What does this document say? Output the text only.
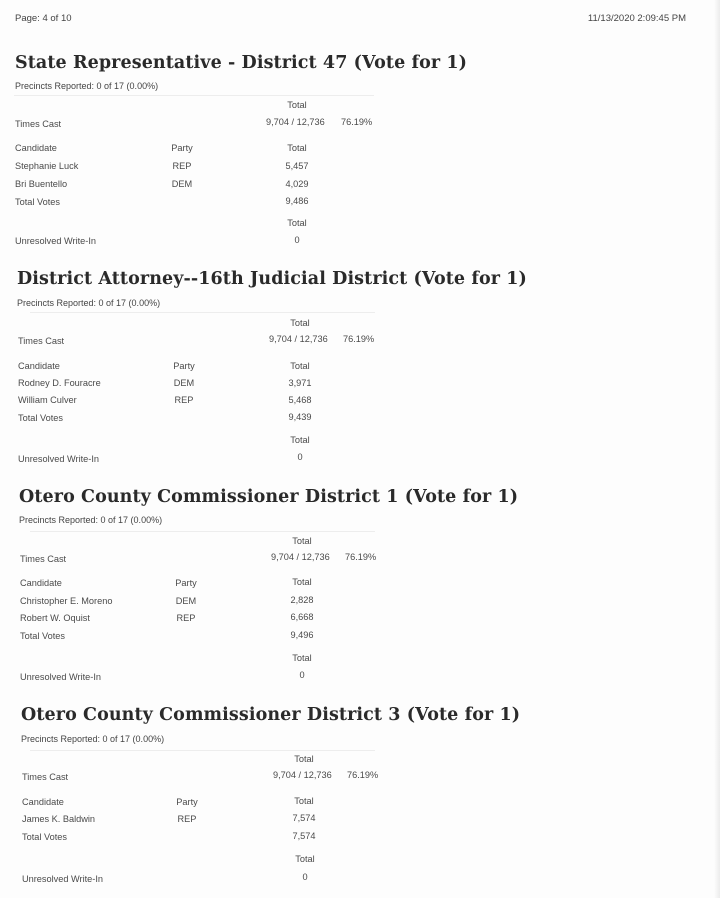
Page: 4 of 10	11/13/2020 2:09:45 PM
State Representative - District 47 (Vote for 1)
Precincts Reported: 0 of 17 (0.00%)
Total
Times Cast	9,704 / 12,736 76.19%
Candidate	Party	Total
Stephanie Luck	REP	5,457
Bri Buentello	DEM	4,029
Total Votes	9,486
Total
Unresolved Write-In	0
District Attorney--16th Judicial District (Vote for 1)
Precincts Reported: 0 of 17 (0.00%)
Total
Times Cast	9,704 / 12,736 76.19%
Candidate	Party	Total
Rodney D. Fouracre	DEM	3,971
William Culver	REP	5,468
Total Votes	9,439
Total
Unresolved Write-In	0
Otero County Commissioner District 1 (Vote for 1)
Precincts Reported: 0 of 17 (0.00%)
Total
Times Cast	9,704 / 12,736 76.19%
Candidate	Party	Total
Christopher E. Moreno	DEM	2,828
Robert W. Oquist	REP	6,668
Total Votes	9,496
Total
Unresolved Write-In	0
Otero County Commissioner District 3 (Vote for 1)
Precincts Reported: 0 of 17 (0.00%)
Total
Times Cast	9,704 / 12,736 76.19%
Candidate	Party	Total
James K. Baldwin	REP	7,574
Total Votes	7,574
Total
Unresolved Write-In	0
